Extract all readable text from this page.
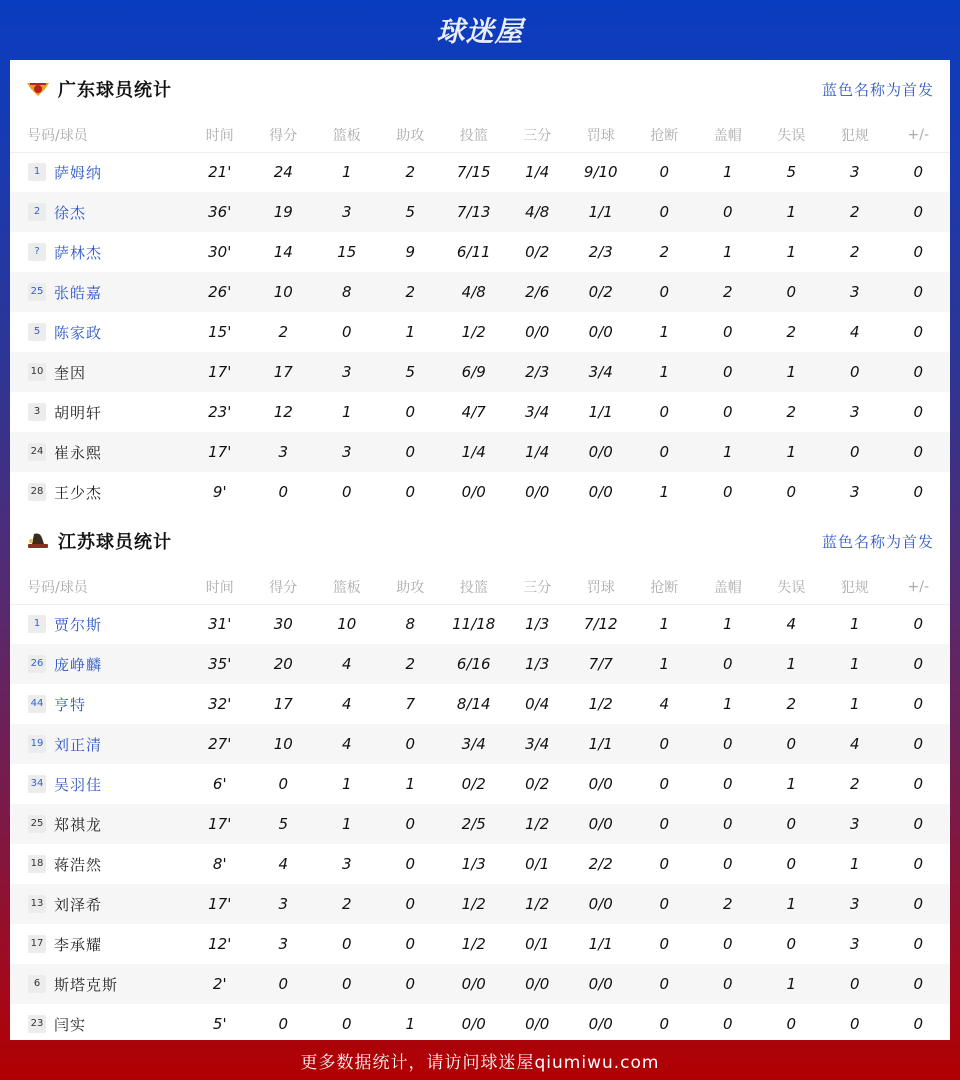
球迷屋
广东球员统计	蓝色名称为首发
号码/球员	时间	得分	篮板	助攻	投篮	三分	罚球	抢断	盖帽	失误	犯规	+/-
1 萨姆纳	21'	24	1	2	7/15	1/4	9/10	0	1	5	3	0
2 徐杰	36'	19	3	5	7/13	4/8	1/1	0	0	1	2	0
? 萨林杰	30'	14	15	9	6/11	0/2	2/3	2	1	1	2	0
25 张皓嘉	26'	10	8	2	4/8	2/6	0/2	0	2	0	3	0
5 陈家政	15'	2	0	1	1/2	0/0	0/0	1	0	2	4	0
10 奎因	17'	17	3	5	6/9	2/3	3/4	1	0	1	0	0
3 胡明轩	23'	12	1	0	4/7	3/4	1/1	0	0	2	3	0
24 崔永熙	17'	3	3	0	1/4	1/4	0/0	0	1	1	0	0
28 王少杰	9'	0	0	0	0/0	0/0	0/0	1	0	0	3	0
江苏球员统计	蓝色名称为首发
号码/球员	时间	得分	篮板	助攻	投篮	三分	罚球	抢断	盖帽	失误	犯规	+/-
1 贾尔斯	31'	30	10	8	11/18	1/3	7/12	1	1	4	1	0
26 庞峥麟	35'	20	4	2	6/16	1/3	7/7	1	0	1	1	0
44 亨特	32'	17	4	7	8/14	0/4	1/2	4	1	2	1	0
19 刘正清	27'	10	4	0	3/4	3/4	1/1	0	0	0	4	0
34 吴羽佳	6'	0	1	1	0/2	0/2	0/0	0	0	1	2	0
25 郑祺龙	17'	5	1	0	2/5	1/2	0/0	0	0	0	3	0
18 蒋浩然	8'	4	3	0	1/3	0/1	2/2	0	0	0	1	0
13 刘泽希	17'	3	2	0	1/2	1/2	0/0	0	2	1	3	0
17 李承耀	12'	3	0	0	1/2	0/1	1/1	0	0	0	3	0
6 斯塔克斯	2'	0	0	0	0/0	0/0	0/0	0	0	1	0	0
23 闫实	5'	0	0	1	0/0	0/0	0/0	0	0	0	0	0
更多数据统计，请访问球迷屋qiumiwu.com
